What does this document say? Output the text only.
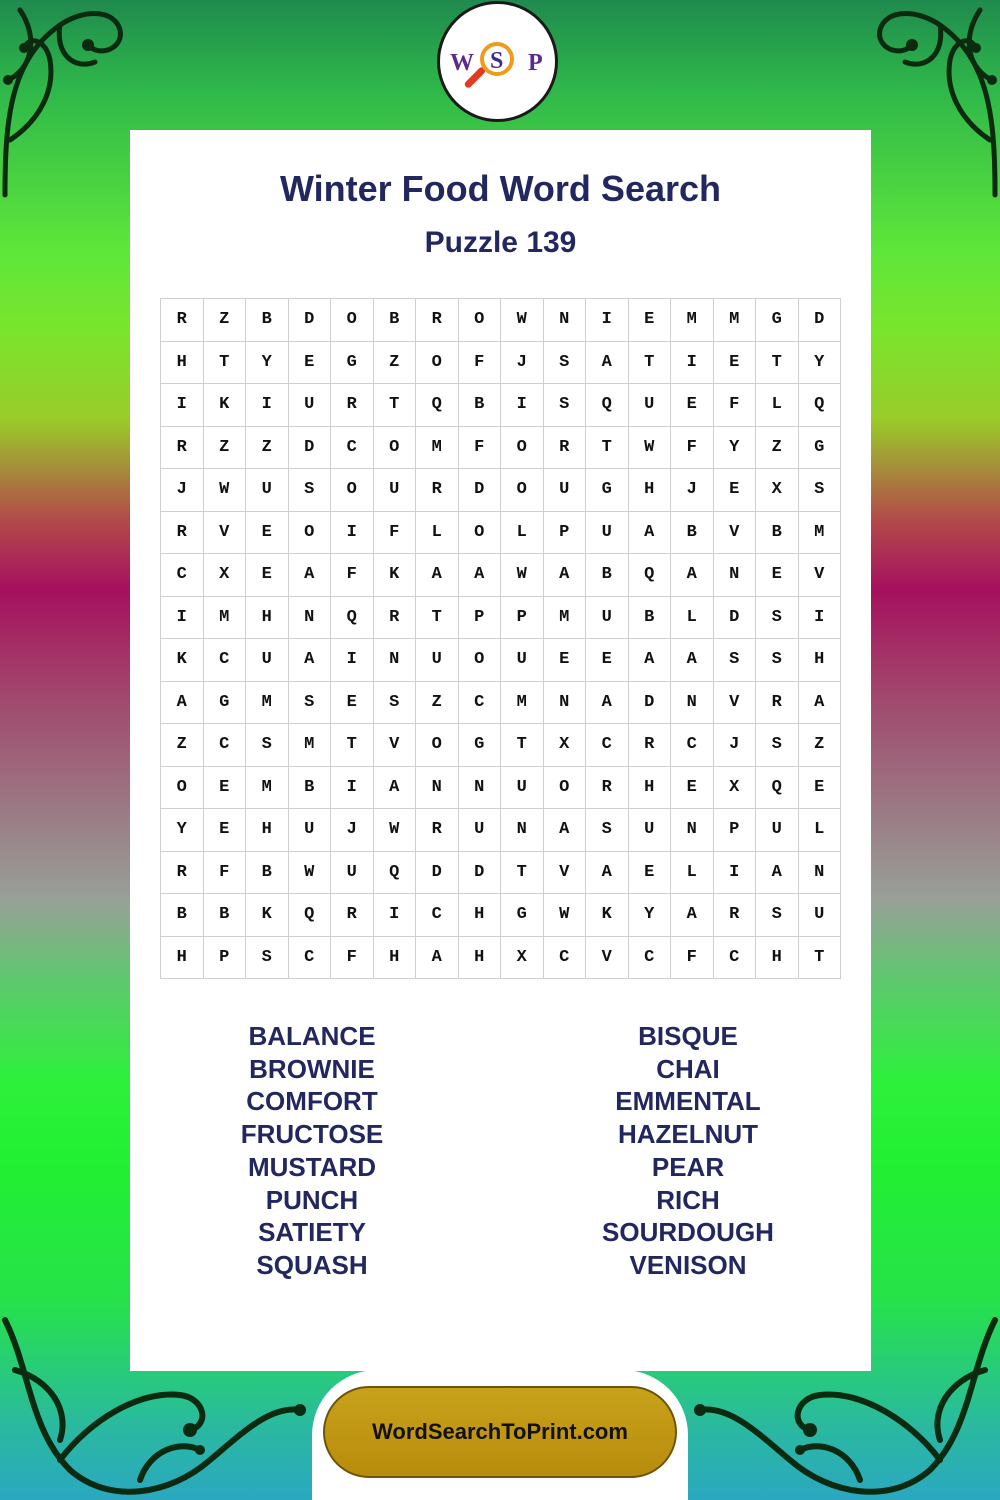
W S P
Winter Food Word Search
Puzzle 139
R	Z	B	D	O	B	R	O	W	N	I	E	M	M	G	D
H	T	Y	E	G	Z	O	F	J	S	A	T	I	E	T	Y
I	K	I	U	R	T	Q	B	I	S	Q	U	E	F	L	Q
R	Z	Z	D	C	O	M	F	O	R	T	W	F	Y	Z	G
J	W	U	S	O	U	R	D	O	U	G	H	J	E	X	S
R	V	E	O	I	F	L	O	L	P	U	A	B	V	B	M
C	X	E	A	F	K	A	A	W	A	B	Q	A	N	E	V
I	M	H	N	Q	R	T	P	P	M	U	B	L	D	S	I
K	C	U	A	I	N	U	O	U	E	E	A	A	S	S	H
A	G	M	S	E	S	Z	C	M	N	A	D	N	V	R	A
Z	C	S	M	T	V	O	G	T	X	C	R	C	J	S	Z
O	E	M	B	I	A	N	N	U	O	R	H	E	X	Q	E
Y	E	H	U	J	W	R	U	N	A	S	U	N	P	U	L
R	F	B	W	U	Q	D	D	T	V	A	E	L	I	A	N
B	B	K	Q	R	I	C	H	G	W	K	Y	A	R	S	U
H	P	S	C	F	H	A	H	X	C	V	C	F	C	H	T
BALANCE
BROWNIE
COMFORT
FRUCTOSE
MUSTARD
PUNCH
SATIETY
SQUASH
BISQUE
CHAI
EMMENTAL
HAZELNUT
PEAR
RICH
SOURDOUGH
VENISON
WordSearchToPrint.com
